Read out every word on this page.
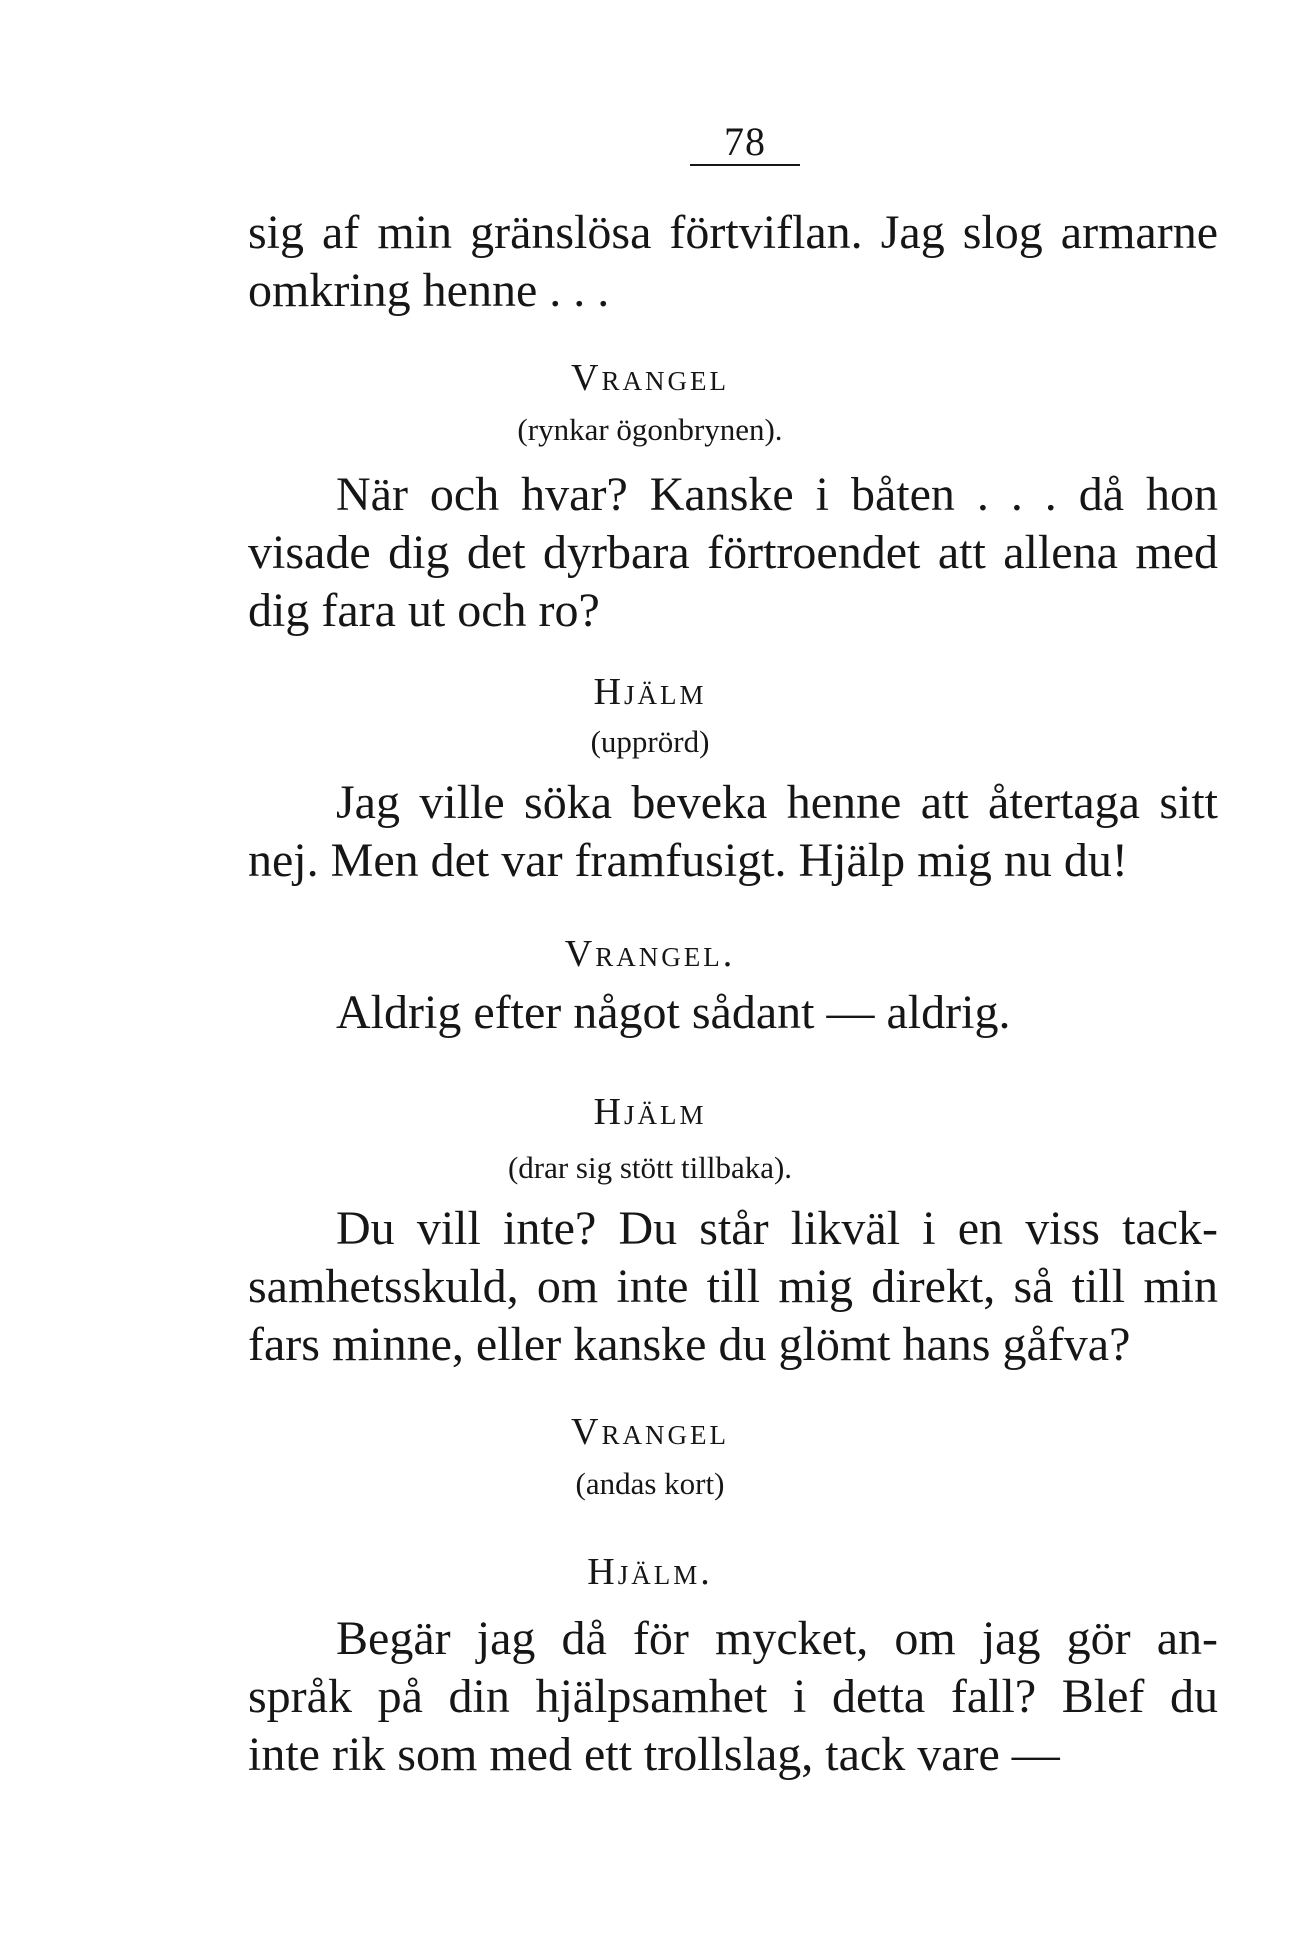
78
sig af min gränslösa förtviflan. Jag slog armarne
omkring henne . . .
Vrangel
(rynkar ögonbrynen).
När och hvar? Kanske i båten . . . då hon
visade dig det dyrbara förtroendet att allena med
dig fara ut och ro?
Hjälm
(upprörd)
Jag ville söka beveka henne att återtaga sitt
nej. Men det var framfusigt. Hjälp mig nu du!
Vrangel.
Aldrig efter något sådant — aldrig.
Hjälm
(drar sig stött tillbaka).
Du vill inte? Du står likväl i en viss tack-
samhetsskuld, om inte till mig direkt, så till min
fars minne, eller kanske du glömt hans gåfva?
Vrangel
(andas kort)
Hjälm.
Begär jag då för mycket, om jag gör an-
språk på din hjälpsamhet i detta fall? Blef du
inte rik som med ett trollslag, tack vare —
